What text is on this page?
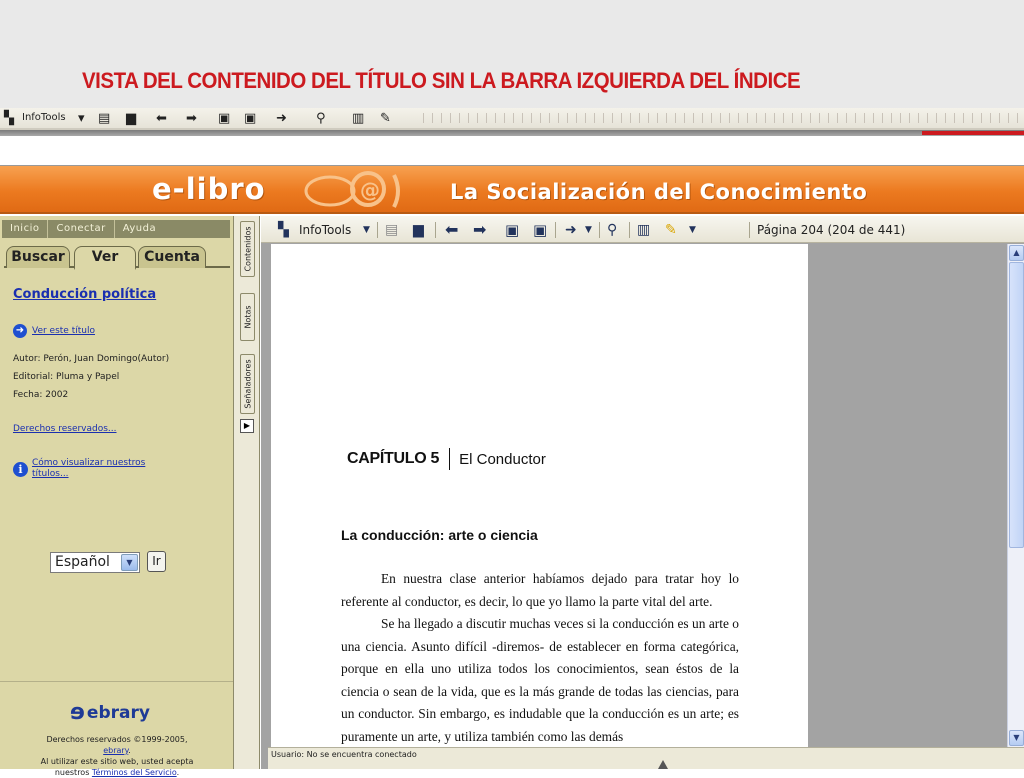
VISTA DEL CONTENIDO DEL TÍTULO SIN LA BARRA IZQUIERDA DEL ÍNDICE
▚ InfoTools ▾ ▤ ▆ ⬅ ➡ ▣ ▣ ➜ ⚲ ▥ ✎
e-libro	@	La Socialización del Conocimiento
Inicio	Conectar	Ayuda
Buscar	Ver	Cuenta
Conducción política
➜ Ver este título
Autor: Perón, Juan Domingo(Autor)
Editorial: Pluma y Papel
Fecha: 2002
Derechos reservados...
i	Cómo visualizar nuestros títulos...
Español	▼	Ir
ɘ ebrary
Derechos reservados ©1999-2005,
ebrary.
Al utilizar este sitio web, usted acepta
nuestros Términos del Servicio.
Contenidos
Notas
Señaladores
▶
▚ InfoTools ▼ ▤ ▆ ⬅ ➡ ▣ ▣ ➜ ▼ ⚲ ▥ ✎ ▼	Página 204 (204 de 441)
CAPÍTULO 5 El Conductor
La conducción: arte o ciencia

En nuestra clase anterior habíamos dejado para tratar hoy lo referente al conductor, es decir, lo que yo llamo la parte vital del arte.

Se ha llegado a discutir muchas veces si la conducción es un arte o una ciencia. Asunto difícil -diremos- de establecer en forma categórica, porque en ella uno utiliza todos los conocimientos, sean éstos de la ciencia o sean de la vida, que es la más grande de todas las ciencias, para un conductor. Sin embargo, es indudable que la conducción es un arte; es puramente un arte, y utiliza también como las demás

▲
▼
Usuario: No se encuentra conectado
